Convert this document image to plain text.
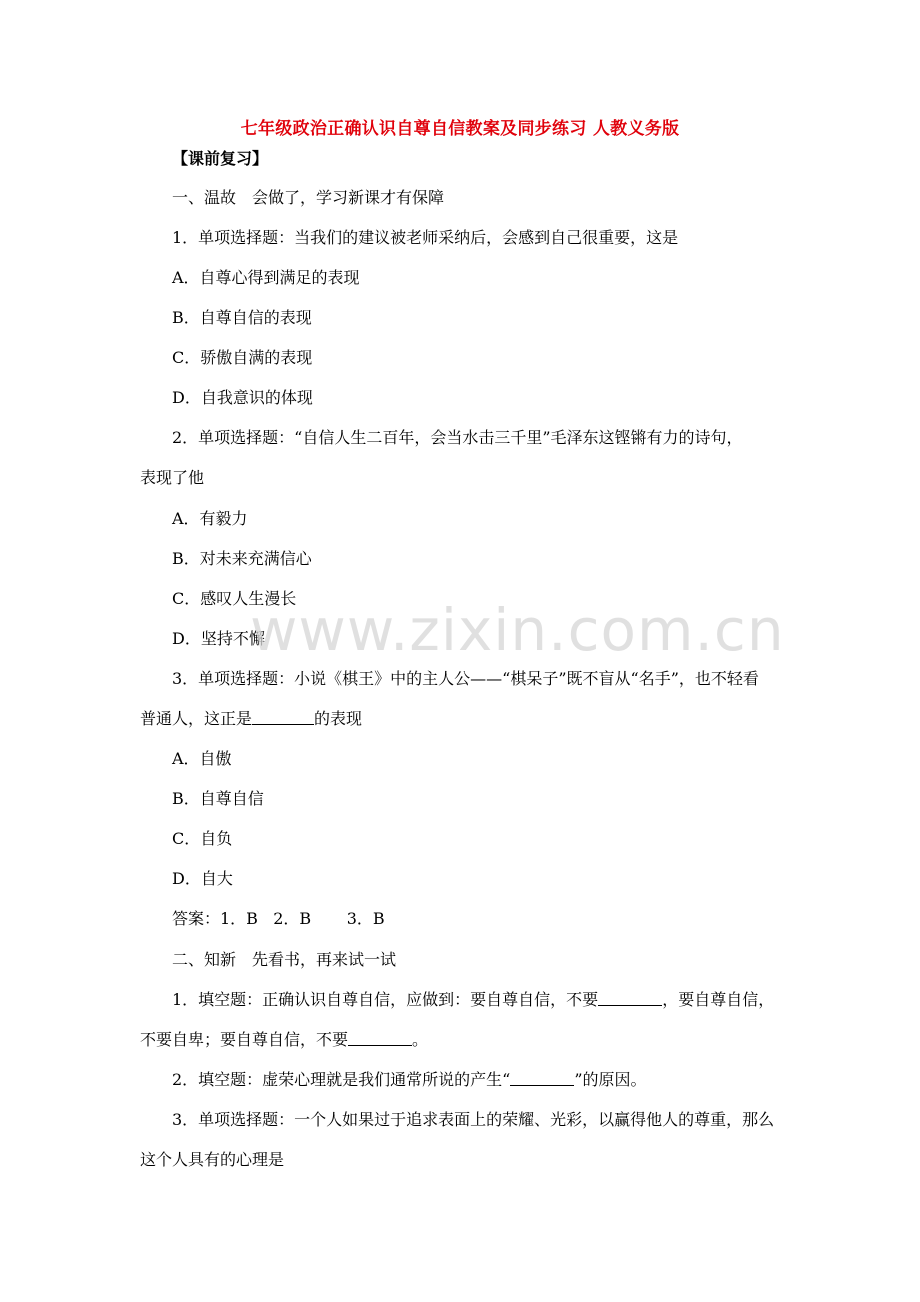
七年级政治正确认识自尊自信教案及同步练习 人教义务版
【课前复习】
一、温故　会做了，学习新课才有保障
1．单项选择题：当我们的建议被老师采纳后，会感到自己很重要，这是
A．自尊心得到满足的表现
B．自尊自信的表现
C．骄傲自满的表现
D．自我意识的体现
2．单项选择题：“自信人生二百年，会当水击三千里”毛泽东这铿锵有力的诗句，
表现了他
A．有毅力
B．对未来充满信心
C．感叹人生漫长
D．坚持不懈
3．单项选择题：小说《棋王》中的主人公——“棋呆子”既不盲从“名手”，也不轻看
普通人，这正是	的表现
A．自傲
B．自尊自信
C．自负
D．自大
答案：1．B   2．B       3．B
二、知新　先看书，再来试一试
1．填空题：正确认识自尊自信，应做到：要自尊自信，不要	，要自尊自信，
不要自卑；要自尊自信，不要	。
2．填空题：虚荣心理就是我们通常所说的产生“	”的原因。
3．单项选择题：一个人如果过于追求表面上的荣耀、光彩，以赢得他人的尊重，那么
这个人具有的心理是
www.zixin.com.cn
